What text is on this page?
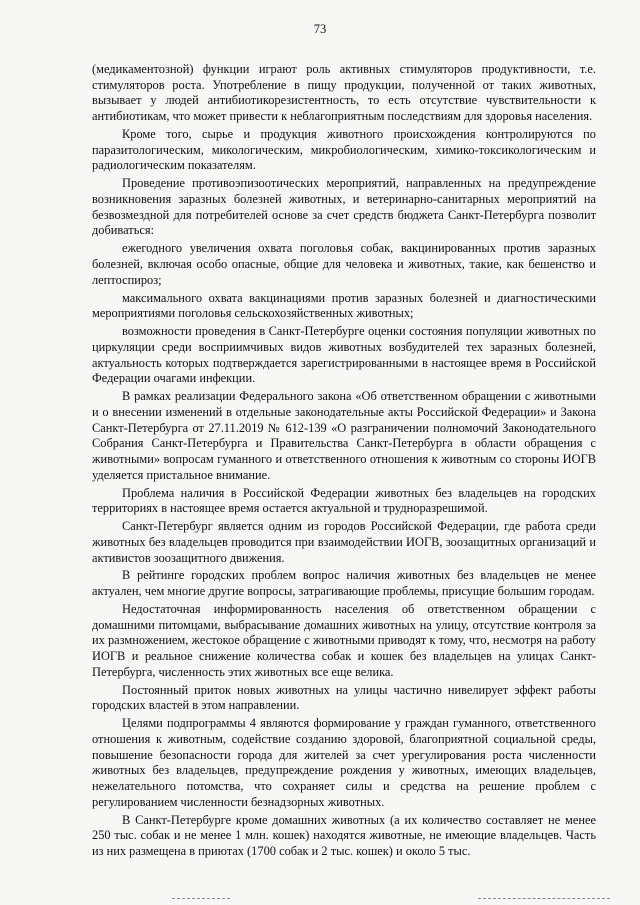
73

(медикаментозной) функции играют роль активных стимуляторов продуктивности, т.е. стимуляторов роста. Употребление в пищу продукции, полученной от таких животных, вызывает у людей антибиотикорезистентность, то есть отсутствие чувствительности к антибиотикам, что может привести к неблагоприятным последствиям для здоровья населения.

Кроме того, сырье и продукция животного происхождения контролируются по паразитологическим, микологическим, микробиологическим, химико-токсикологическим и радиологическим показателям.

Проведение противоэпизоотических мероприятий, направленных на предупреждение возникновения заразных болезней животных, и ветеринарно-санитарных мероприятий на безвозмездной для потребителей основе за счет средств бюджета Санкт-Петербурга позволит добиваться:

ежегодного увеличения охвата поголовья собак, вакцинированных против заразных болезней, включая особо опасные, общие для человека и животных, такие, как бешенство и лептоспироз;

максимального охвата вакцинациями против заразных болезней и диагностическими мероприятиями поголовья сельскохозяйственных животных;

возможности проведения в Санкт-Петербурге оценки состояния популяции животных по циркуляции среди восприимчивых видов животных возбудителей тех заразных болезней, актуальность которых подтверждается зарегистрированными в настоящее время в Российской Федерации очагами инфекции.

В рамках реализации Федерального закона «Об ответственном обращении с животными и о внесении изменений в отдельные законодательные акты Российской Федерации» и Закона Санкт-Петербурга от 27.11.2019 № 612-139 «О разграничении полномочий Законодательного Собрания Санкт-Петербурга и Правительства Санкт-Петербурга в области обращения с животными» вопросам гуманного и ответственного отношения к животным со стороны ИОГВ уделяется пристальное внимание.

Проблема наличия в Российской Федерации животных без владельцев на городских территориях в настоящее время остается актуальной и трудноразрешимой.

Санкт-Петербург является одним из городов Российской Федерации, где работа среди животных без владельцев проводится при взаимодействии ИОГВ, зоозащитных организаций и активистов зоозащитного движения.

В рейтинге городских проблем вопрос наличия животных без владельцев не менее актуален, чем многие другие вопросы, затрагивающие проблемы, присущие большим городам.

Недостаточная информированность населения об ответственном обращении с домашними питомцами, выбрасывание домашних животных на улицу, отсутствие контроля за их размножением, жестокое обращение с животными приводят к тому, что, несмотря на работу ИОГВ и реальное снижение количества собак и кошек без владельцев на улицах Санкт-Петербурга, численность этих животных все еще велика.

Постоянный приток новых животных на улицы частично нивелирует эффект работы городских властей в этом направлении.

Целями подпрограммы 4 являются формирование у граждан гуманного, ответственного отношения к животным, содействие созданию здоровой, благоприятной социальной среды, повышение безопасности города для жителей за счет урегулирования роста численности животных без владельцев, предупреждение рождения у животных, имеющих владельцев, нежелательного потомства, что сохраняет силы и средства на решение проблем с регулированием численности безнадзорных животных.

В Санкт-Петербурге кроме домашних животных (а их количество составляет не менее 250 тыс. собак и не менее 1 млн. кошек) находятся животные, не имеющие владельцев. Часть из них размещена в приютах (1700 собак и 2 тыс. кошек) и около 5 тыс.
